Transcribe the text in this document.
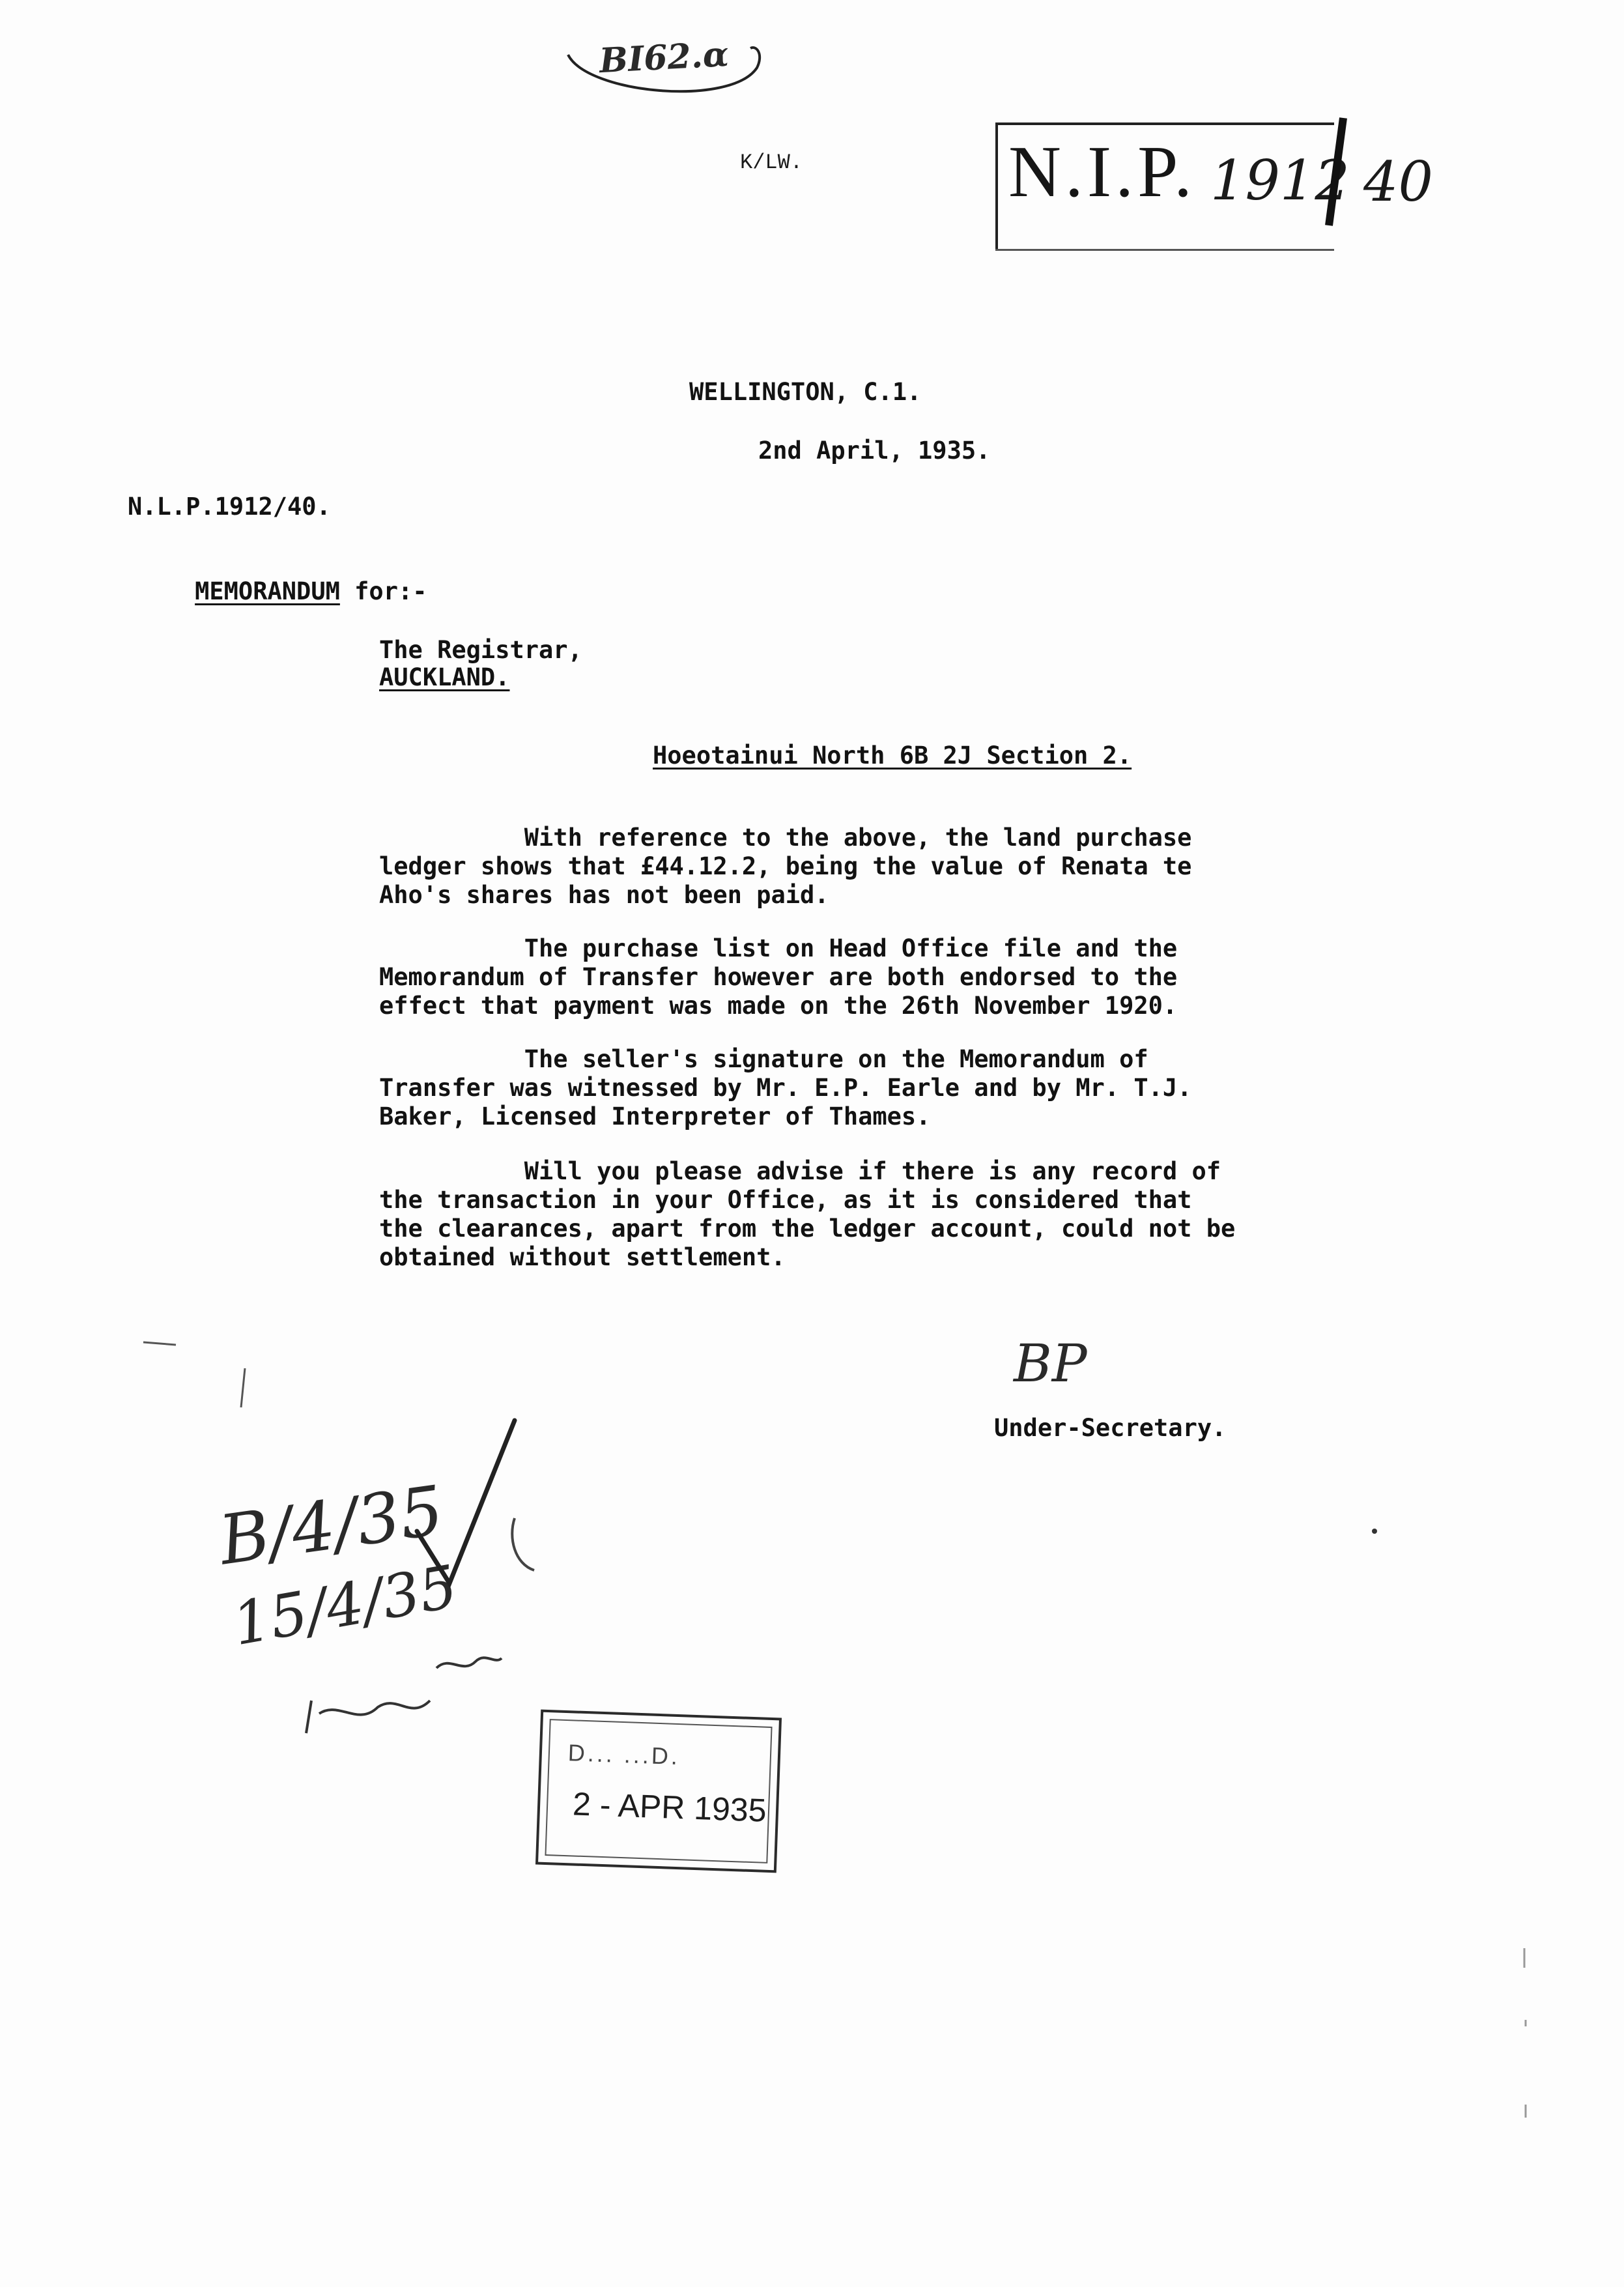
BI62.α
K/LW.	N.I.P. 1912 40
WELLINGTON, C.1.
2nd April, 1935.
N.L.P.1912/40.

MEMORANDUM for:-

The Registrar,
AUCKLAND.
Hoeotainui North 6B 2J Section 2.
With reference to the above, the land purchase
ledger shows that £44.12.2, being the value of Renata te
Aho's shares has not been paid.
The purchase list on Head Office file and the
Memorandum of Transfer however are both endorsed to the
effect that payment was made on the 26th November 1920.
The seller's signature on the Memorandum of
Transfer was witnessed by Mr. E.P. Earle and by Mr. T.J.
Baker, Licensed Interpreter of Thames.
Will you please advise if there is any record of
the transaction in your Office, as it is considered that
the clearances, apart from the ledger account, could not be
obtained without settlement.
BP
Under-Secretary.
B/4/35
15/4/35
D... ...D.
2 - APR 1935
